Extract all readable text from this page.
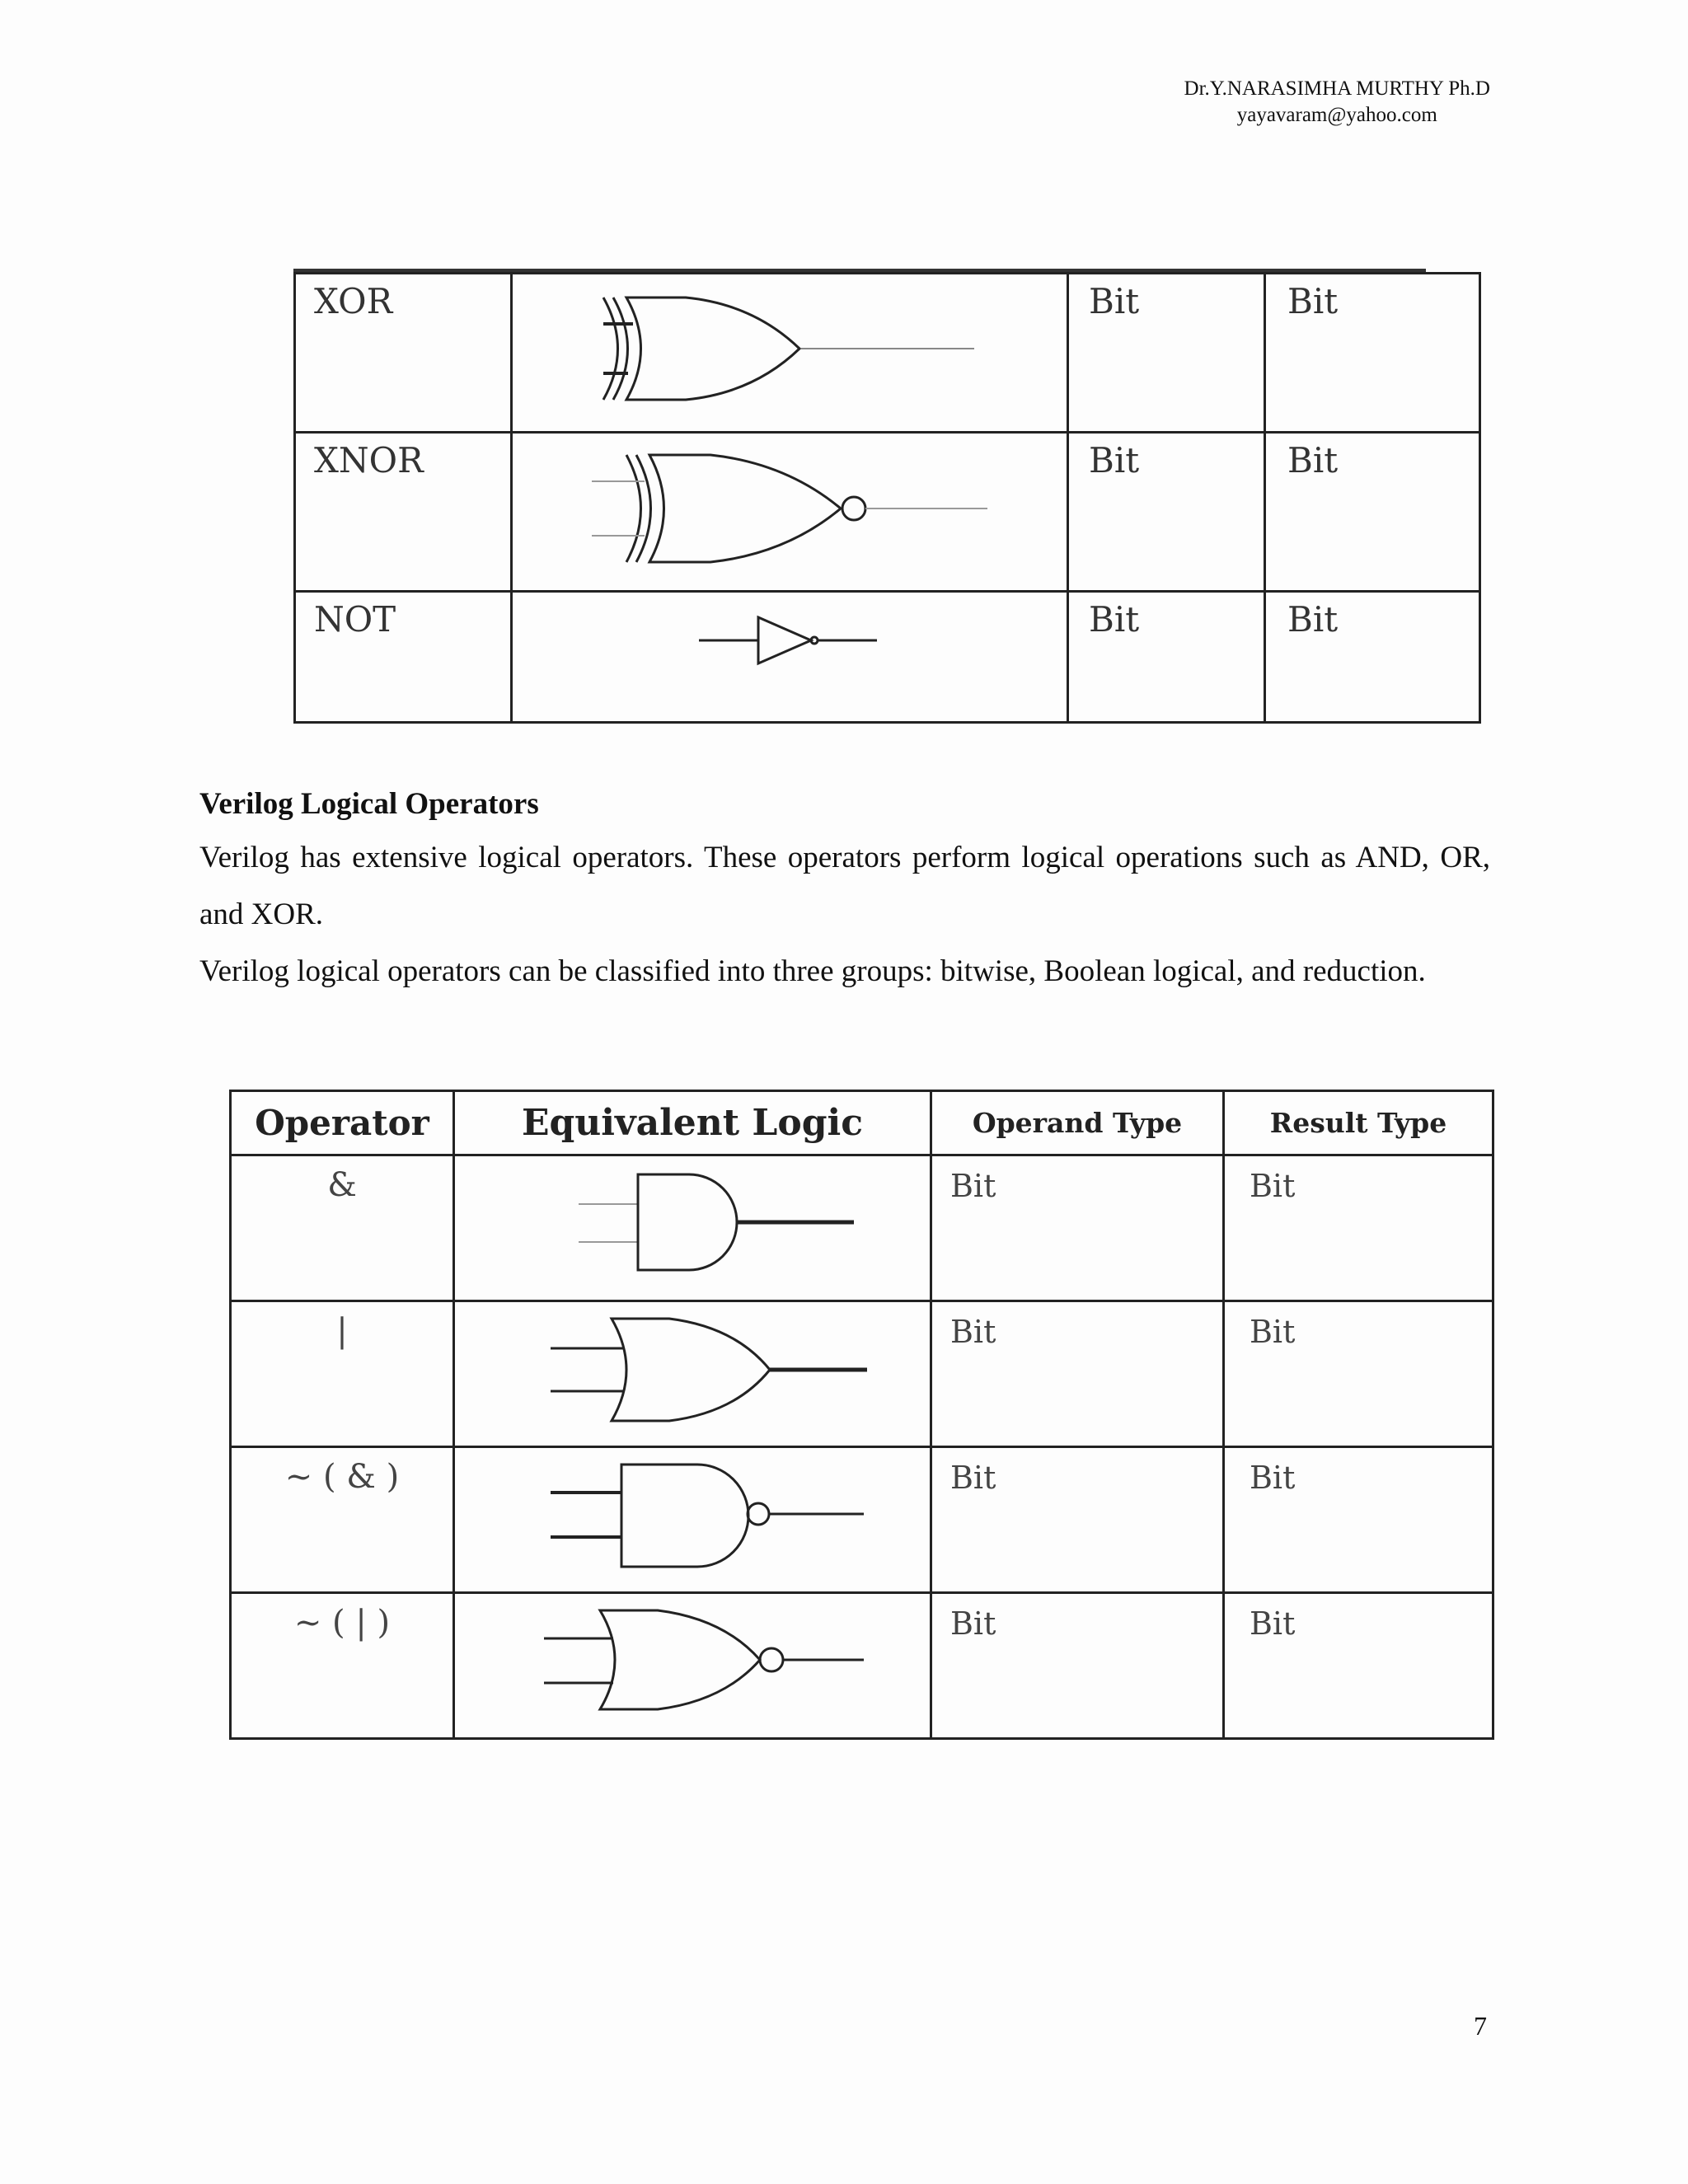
Dr.Y.NARASIMHA MURTHY Ph.D
yayavaram@yahoo.com
XOR		Bit	Bit
XNOR		Bit	Bit
NOT		Bit	Bit
Verilog Logical Operators

Verilog has extensive logical operators. These operators perform logical operations such as AND, OR, and XOR.

Verilog logical operators can be classified into three groups: bitwise, Boolean logical, and reduction.

Operator	Equivalent Logic	Operand Type	Result Type
&		Bit	Bit
|		Bit	Bit
~ ( & )		Bit	Bit
~ ( | )		Bit	Bit
7
